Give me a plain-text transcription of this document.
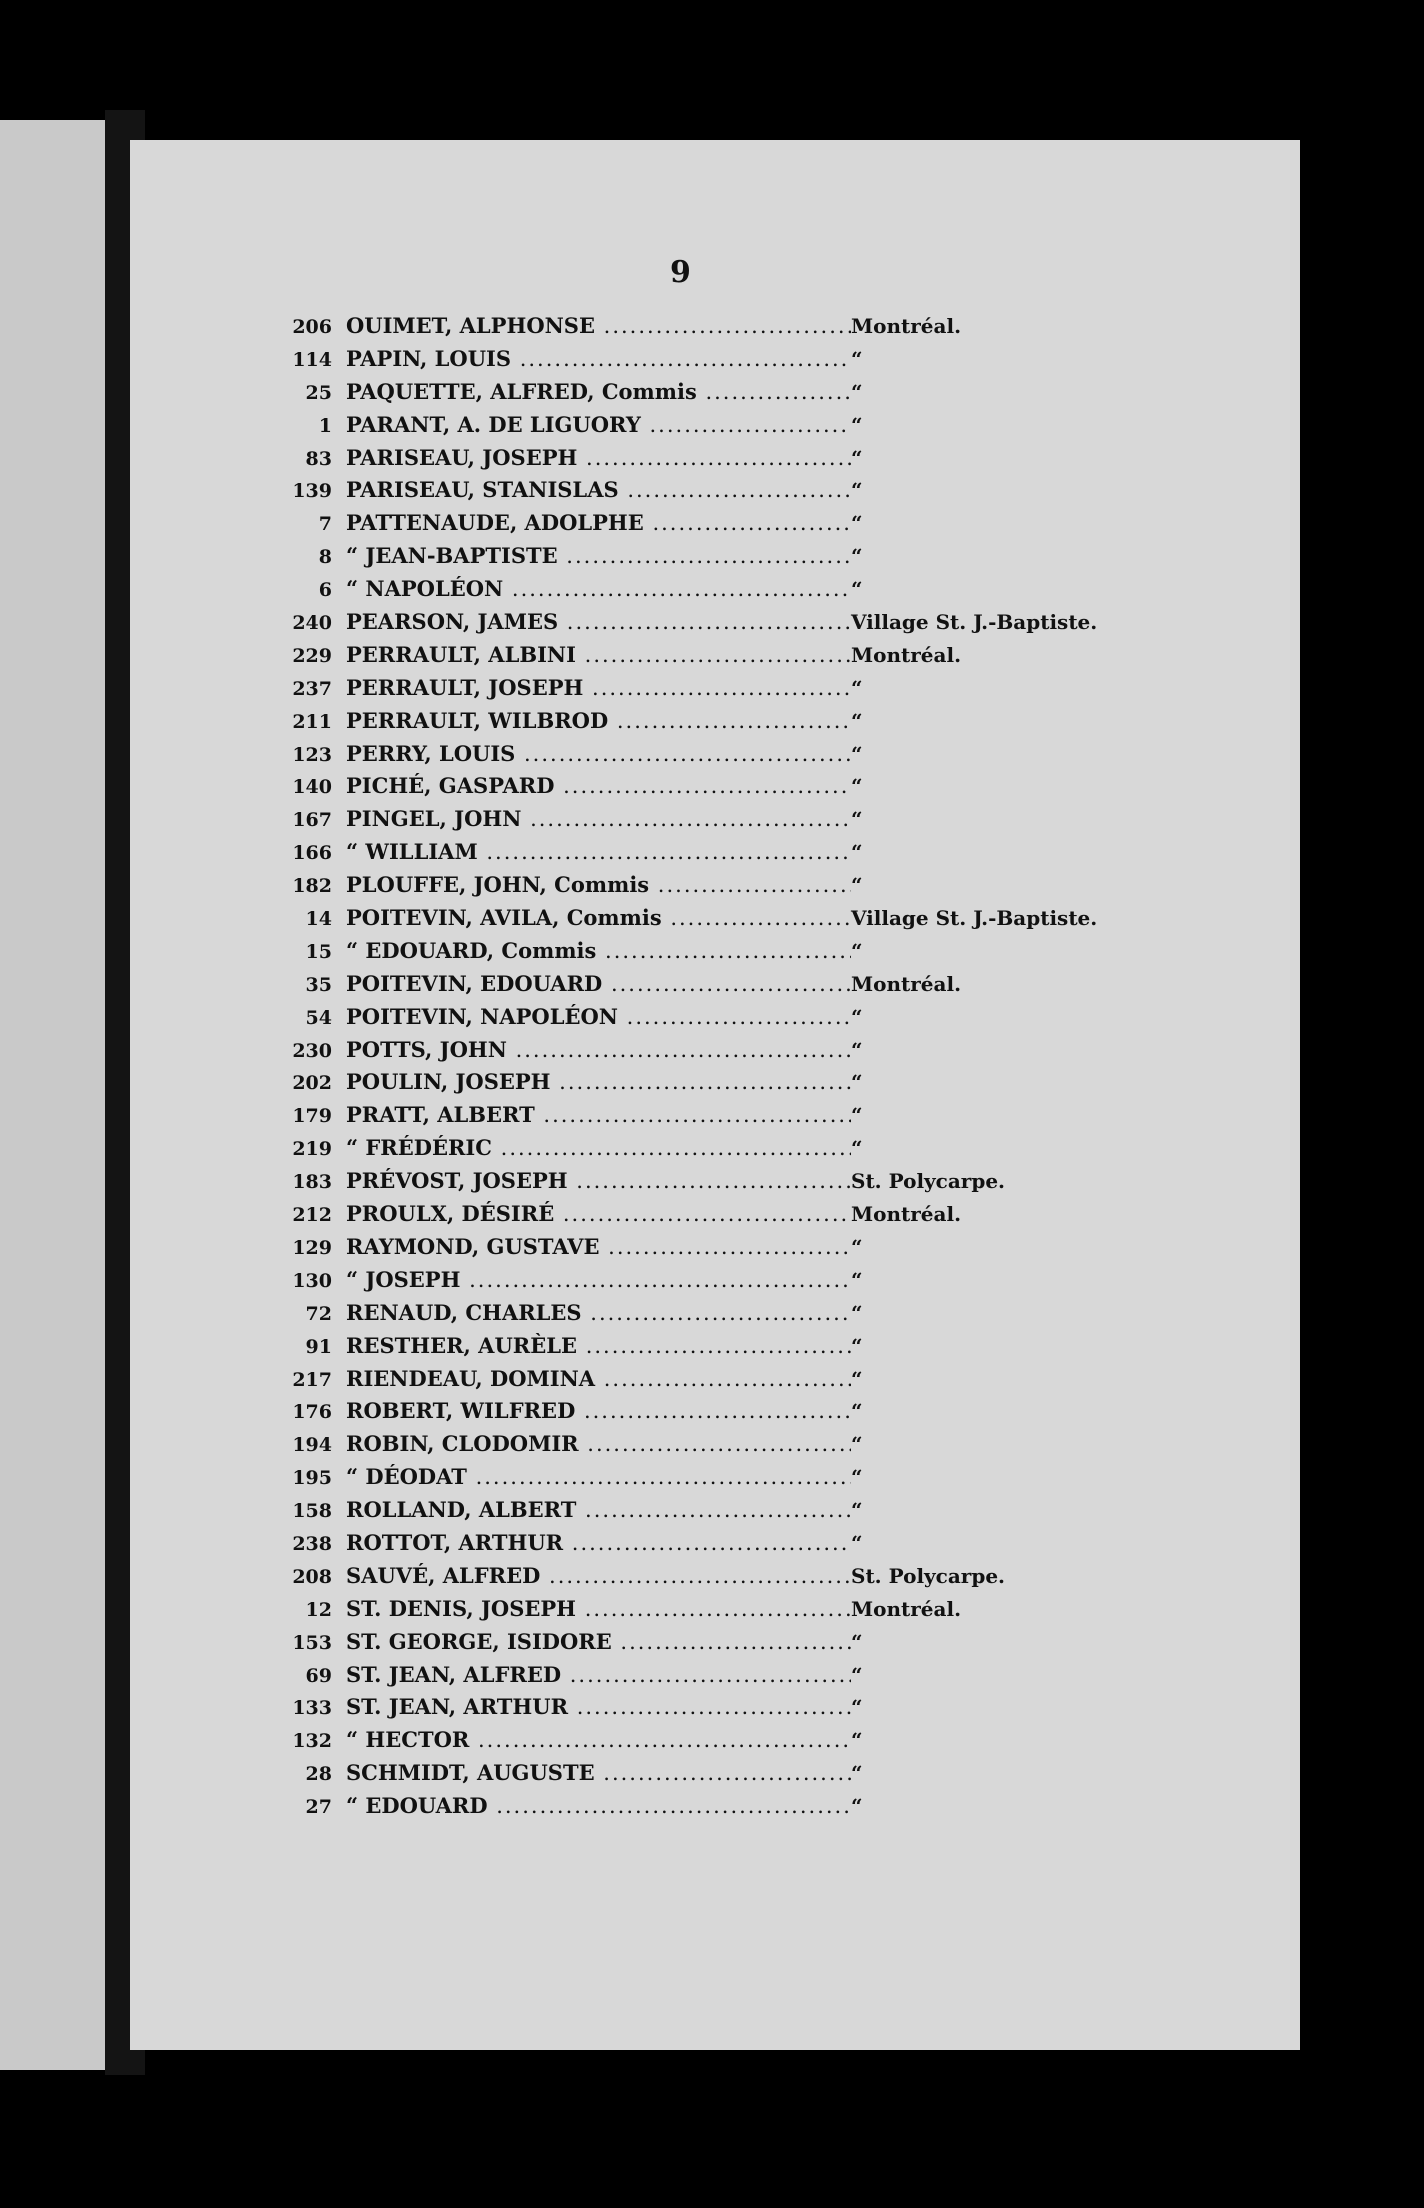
9
206 OUIMET, ALPHONSE .....	Montréal.
114 PAPIN, LOUIS .....	“
25 PAQUETTE, ALFRED, Commis .....	“
1 PARANT, A. DE LIGUORY .....	“
83 PARISEAU, JOSEPH .....	“
139 PARISEAU, STANISLAS .....	“
7 PATTENAUDE, ADOLPHE .....	“
8 “ JEAN-BAPTISTE .....	“
6 “ NAPOLÉON .....	“
240 PEARSON, JAMES .....	Village St. J.-Baptiste.
229 PERRAULT, ALBINI .....	Montréal.
237 PERRAULT, JOSEPH .....	“
211 PERRAULT, WILBROD .....	“
123 PERRY, LOUIS .....	“
140 PICHÉ, GASPARD .....	“
167 PINGEL, JOHN .....	“
166 “ WILLIAM .....	“
182 PLOUFFE, JOHN, Commis .....	“
14 POITEVIN, AVILA, Commis .....	Village St. J.-Baptiste.
15 “ EDOUARD, Commis .....	“
35 POITEVIN, EDOUARD .....	Montréal.
54 POITEVIN, NAPOLÉON .....	“
230 POTTS, JOHN .....	“
202 POULIN, JOSEPH .....	“
179 PRATT, ALBERT .....	“
219 “ FRÉDÉRIC .....	“
183 PRÉVOST, JOSEPH .....	St. Polycarpe.
212 PROULX, DÉSIRÉ .....	Montréal.
129 RAYMOND, GUSTAVE .....	“
130 “ JOSEPH .....	“
72 RENAUD, CHARLES .....	“
91 RESTHER, AURÈLE .....	“
217 RIENDEAU, DOMINA .....	“
176 ROBERT, WILFRED .....	“
194 ROBIN, CLODOMIR .....	“
195 “ DÉODAT .....	“
158 ROLLAND, ALBERT .....	“
238 ROTTOT, ARTHUR .....	“
208 SAUVÉ, ALFRED .....	St. Polycarpe.
12 ST. DENIS, JOSEPH .....	Montréal.
153 ST. GEORGE, ISIDORE .....	“
69 ST. JEAN, ALFRED .....	“
133 ST. JEAN, ARTHUR .....	“
132 “ HECTOR .....	“
28 SCHMIDT, AUGUSTE .....	“
27 “ EDOUARD .....	“
